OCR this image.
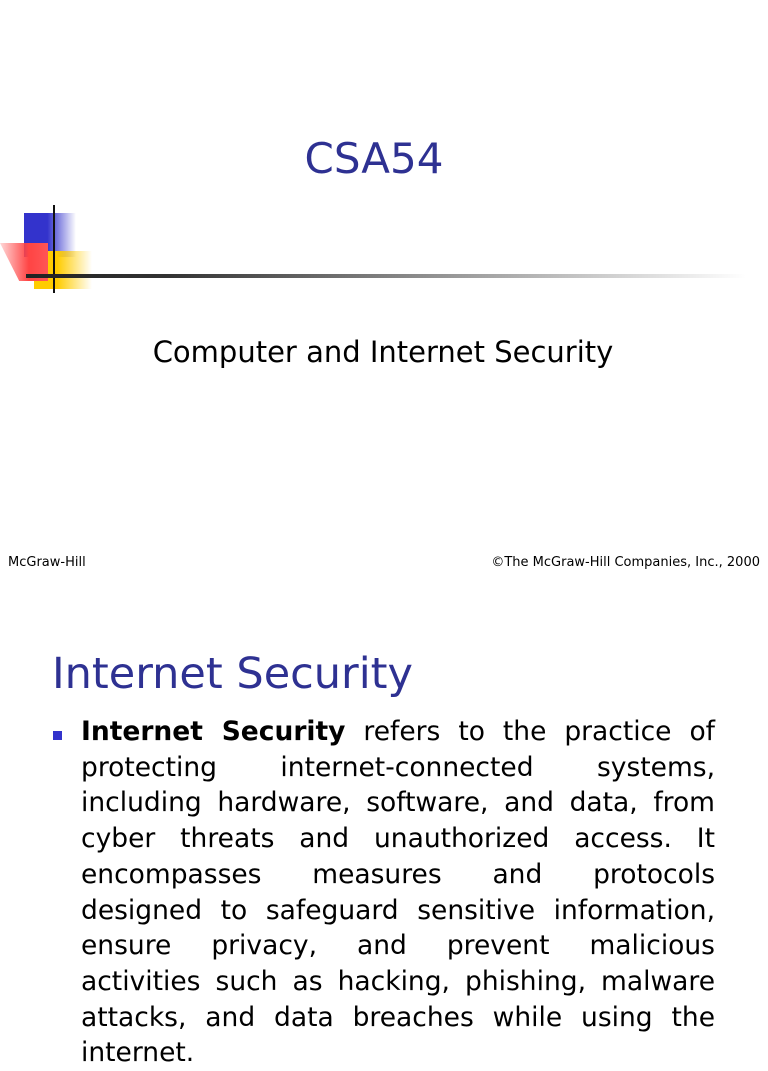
CSA54
Computer and Internet Security
McGraw-Hill	©The McGraw-Hill Companies, Inc., 2000
Internet Security
Internet Security refers to the practice of protecting internet-connected systems, including hardware, software, and data, from cyber threats and unauthorized access. It encompasses measures and protocols designed to safeguard sensitive information, ensure privacy, and prevent malicious activities such as hacking, phishing, malware attacks, and data breaches while using the internet.
